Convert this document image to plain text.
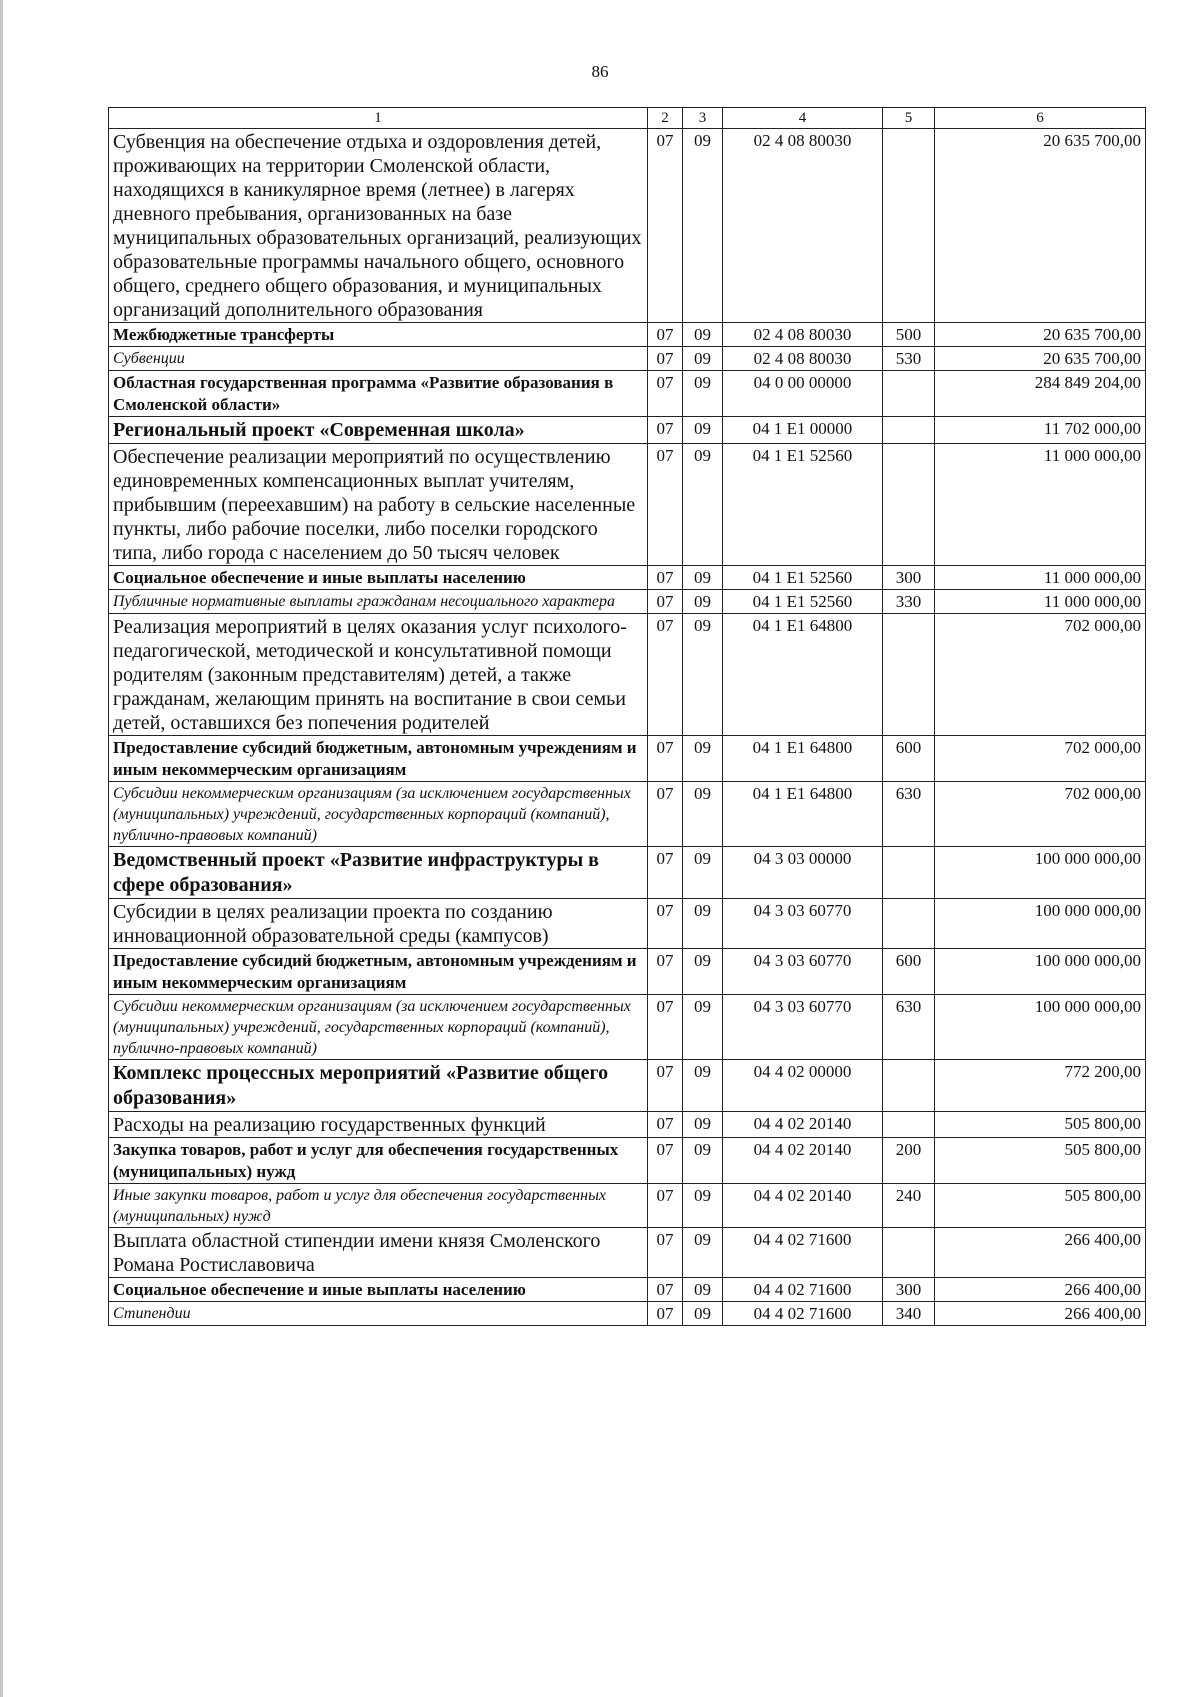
86
1	2	3	4	5	6
Субвенция на обеспечение отдыха и оздоровления детей, проживающих на территории Смоленской области, находящихся в каникулярное время (летнее) в лагерях дневного пребывания, организованных на базе муниципальных образовательных организаций, реализующих образовательные программы начального общего, основного общего, среднего общего образования, и муниципальных организаций дополнительного образования	07	09	02 4 08 80030		20 635 700,00
Межбюджетные трансферты	07	09	02 4 08 80030	500	20 635 700,00
Субвенции	07	09	02 4 08 80030	530	20 635 700,00
Областная государственная программа «Развитие образования в Смоленской области»	07	09	04 0 00 00000		284 849 204,00
Региональный проект «Современная школа»	07	09	04 1 E1 00000		11 702 000,00
Обеспечение реализации мероприятий по осуществлению единовременных компенсационных выплат учителям, прибывшим (переехавшим) на работу в сельские населенные пункты, либо рабочие поселки, либо поселки городского типа, либо города с населением до 50 тысяч человек	07	09	04 1 E1 52560		11 000 000,00
Социальное обеспечение и иные выплаты населению	07	09	04 1 E1 52560	300	11 000 000,00
Публичные нормативные выплаты гражданам несоциального характера	07	09	04 1 E1 52560	330	11 000 000,00
Реализация мероприятий в целях оказания услуг психолого-педагогической, методической и консультативной помощи родителям (законным представителям) детей, а также гражданам, желающим принять на воспитание в свои семьи детей, оставшихся без попечения родителей	07	09	04 1 E1 64800		702 000,00
Предоставление субсидий бюджетным, автономным учреждениям и иным некоммерческим организациям	07	09	04 1 E1 64800	600	702 000,00
Субсидии некоммерческим организациям (за исключением государственных (муниципальных) учреждений, государственных корпораций (компаний), публично-правовых компаний)	07	09	04 1 E1 64800	630	702 000,00
Ведомственный проект «Развитие инфраструктуры в сфере образования»	07	09	04 3 03 00000		100 000 000,00
Субсидии в целях реализации проекта по созданию инновационной образовательной среды (кампусов)	07	09	04 3 03 60770		100 000 000,00
Предоставление субсидий бюджетным, автономным учреждениям и иным некоммерческим организациям	07	09	04 3 03 60770	600	100 000 000,00
Субсидии некоммерческим организациям (за исключением государственных (муниципальных) учреждений, государственных корпораций (компаний), публично-правовых компаний)	07	09	04 3 03 60770	630	100 000 000,00
Комплекс процессных мероприятий «Развитие общего образования»	07	09	04 4 02 00000		772 200,00
Расходы на реализацию государственных функций	07	09	04 4 02 20140		505 800,00
Закупка товаров, работ и услуг для обеспечения государственных (муниципальных) нужд	07	09	04 4 02 20140	200	505 800,00
Иные закупки товаров, работ и услуг для обеспечения государственных (муниципальных) нужд	07	09	04 4 02 20140	240	505 800,00
Выплата областной стипендии имени князя Смоленского Романа Ростиславовича	07	09	04 4 02 71600		266 400,00
Социальное обеспечение и иные выплаты населению	07	09	04 4 02 71600	300	266 400,00
Стипендии	07	09	04 4 02 71600	340	266 400,00
